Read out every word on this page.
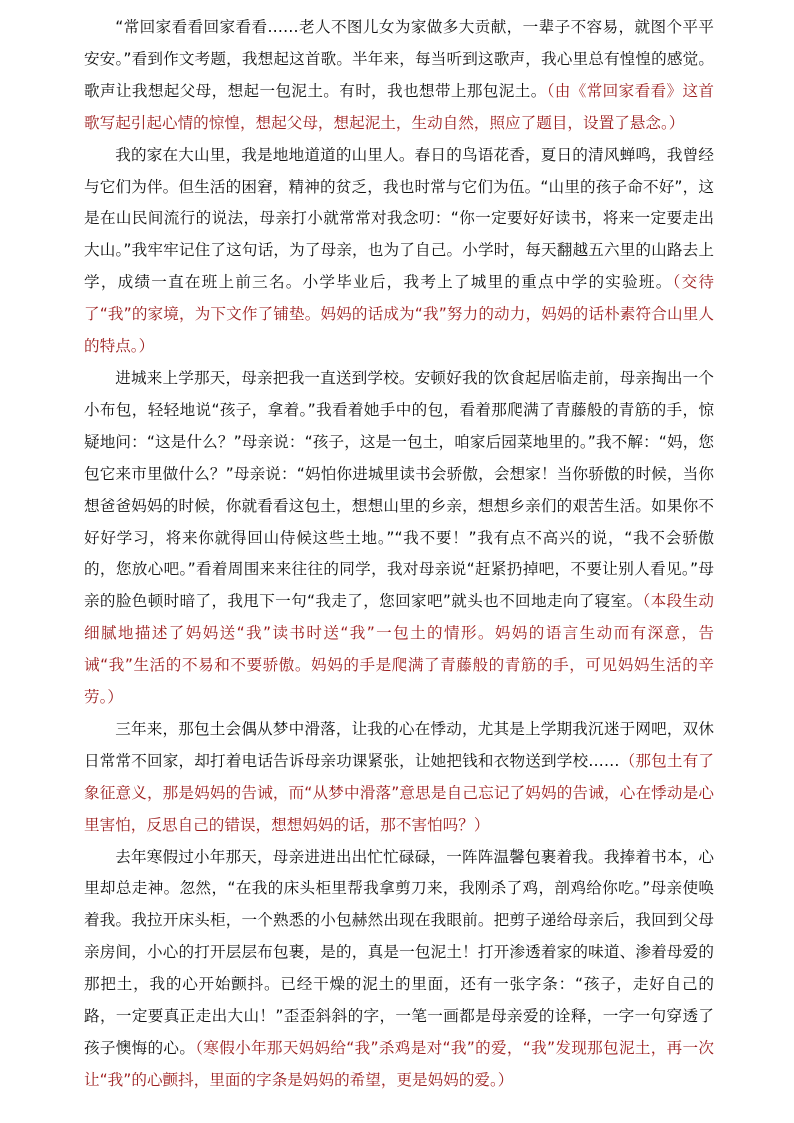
“常回家看看回家看看……老人不图儿女为家做多大贡献，一辈子不容易，就图个平平安安。”看到作文考题，我想起这首歌。半年来，每当听到这歌声，我心里总有惶惶的感觉。歌声让我想起父母，想起一包泥土。有时，我也想带上那包泥土。（由《常回家看看》这首歌写起引起心情的惊惶，想起父母，想起泥土，生动自然，照应了题目，设置了悬念。）

我的家在大山里，我是地地道道的山里人。春日的鸟语花香，夏日的清风蝉鸣，我曾经与它们为伴。但生活的困窘，精神的贫乏，我也时常与它们为伍。“山里的孩子命不好”，这是在山民间流行的说法，母亲打小就常常对我念叨：“你一定要好好读书，将来一定要走出大山。”我牢牢记住了这句话，为了母亲，也为了自己。小学时，每天翻越五六里的山路去上学，成绩一直在班上前三名。小学毕业后，我考上了城里的重点中学的实验班。（交待了“我”的家境，为下文作了铺垫。妈妈的话成为“我”努力的动力，妈妈的话朴素符合山里人的特点。）

进城来上学那天，母亲把我一直送到学校。安顿好我的饮食起居临走前，母亲掏出一个小布包，轻轻地说“孩子，拿着。”我看着她手中的包，看着那爬满了青藤般的青筋的手，惊疑地问：“这是什么？”母亲说：“孩子，这是一包土，咱家后园菜地里的。”我不解：“妈，您包它来市里做什么？”母亲说：“妈怕你进城里读书会骄傲，会想家！当你骄傲的时候，当你想爸爸妈妈的时候，你就看看这包土，想想山里的乡亲，想想乡亲们的艰苦生活。如果你不好好学习，将来你就得回山侍候这些土地。”“我不要！”我有点不高兴的说，“我不会骄傲的，您放心吧。”看着周围来来往往的同学，我对母亲说“赶紧扔掉吧，不要让别人看见。”母亲的脸色顿时暗了，我甩下一句“我走了，您回家吧”就头也不回地走向了寝室。（本段生动细腻地描述了妈妈送“我”读书时送“我”一包土的情形。妈妈的语言生动而有深意，告诫“我”生活的不易和不要骄傲。妈妈的手是爬满了青藤般的青筋的手，可见妈妈生活的辛劳。）

三年来，那包土会偶从梦中滑落，让我的心在悸动，尤其是上学期我沉迷于网吧，双休日常常不回家，却打着电话告诉母亲功课紧张，让她把钱和衣物送到学校……（那包土有了象征意义，那是妈妈的告诫，而“从梦中滑落”意思是自己忘记了妈妈的告诫，心在悸动是心里害怕，反思自己的错误，想想妈妈的话，那不害怕吗？）

去年寒假过小年那天，母亲进进出出忙忙碌碌，一阵阵温馨包裹着我。我捧着书本，心里却总走神。忽然，“在我的床头柜里帮我拿剪刀来，我刚杀了鸡，剖鸡给你吃。”母亲使唤着我。我拉开床头柜，一个熟悉的小包赫然出现在我眼前。把剪子递给母亲后，我回到父母亲房间，小心的打开层层布包裹，是的，真是一包泥土！打开渗透着家的味道、渗着母爱的那把土，我的心开始颤抖。已经干燥的泥土的里面，还有一张字条：“孩子，走好自己的路，一定要真正走出大山！”歪歪斜斜的字，一笔一画都是母亲爱的诠释，一字一句穿透了孩子懊悔的心。（寒假小年那天妈妈给“我”杀鸡是对“我”的爱，“我”发现那包泥土，再一次让“我”的心颤抖，里面的字条是妈妈的希望，更是妈妈的爱。）
